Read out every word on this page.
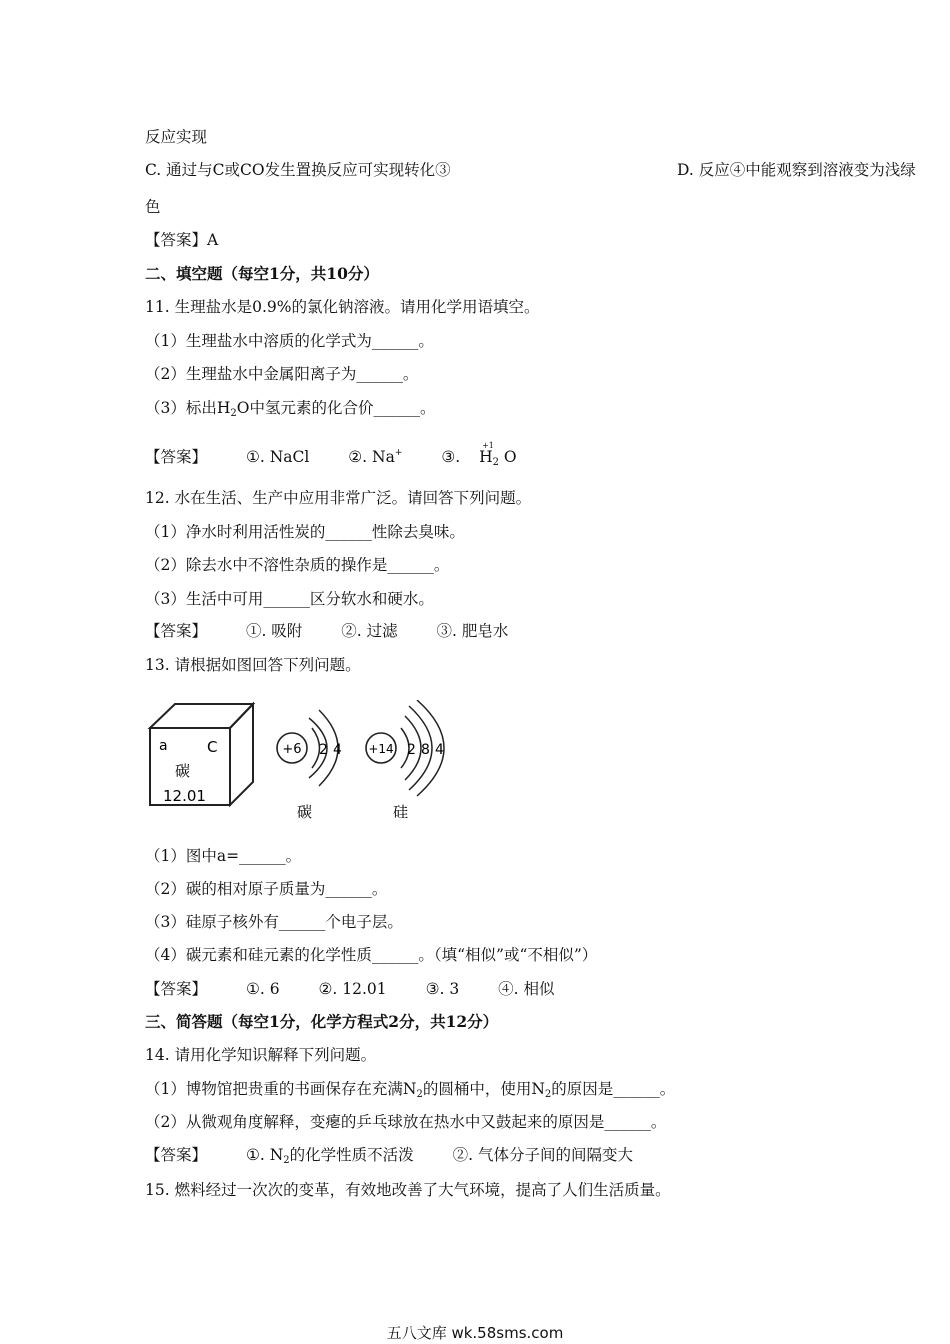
反应实现
C. 通过与C或CO发生置换反应可实现转化③	D. 反应④中能观察到溶液变为浅绿
色
【答案】A
二、填空题（每空1分，共10分）
11. 生理盐水是0.9%的氯化钠溶液。请用化学用语填空。
（1）生理盐水中溶质的化学式为______。
（2）生理盐水中金属阳离子为______。
（3）标出$H_2O$中氢元素的化合价______。
【答案】	①. NaCl	②. Na+	③.
+1
$H_2$ O
12. 水在生活、生产中应用非常广泛。请回答下列问题。
（1）净水时利用活性炭的______性除去臭味。
（2）除去水中不溶性杂质的操作是______。
（3）生活中可用______区分软水和硬水。
【答案】	①. 吸附	②. 过滤	③. 肥皂水
13. 请根据如图回答下列问题。
a	C
碳
12.01
+6 2 4
碳
+14 2 8 4
硅
（1）图中a=______。
（2）碳的相对原子质量为______。
（3）硅原子核外有______个电子层。
（4）碳元素和硅元素的化学性质______。（填“相似”或“不相似”）
【答案】	①. 6	②. 12.01	③. 3	④. 相似
三、简答题（每空1分，化学方程式2分，共12分）
14. 请用化学知识解释下列问题。
（1）博物馆把贵重的书画保存在充满$N_2$的圆桶中，使用$N_2$的原因是______。
（2）从微观角度解释，变瘪的乒乓球放在热水中又鼓起来的原因是______。
【答案】	①. $N_2$的化学性质不活泼	②. 气体分子间的间隔变大
15. 燃料经过一次次的变革，有效地改善了大气环境，提高了人们生活质量。
五八文库 wk.58sms.com
